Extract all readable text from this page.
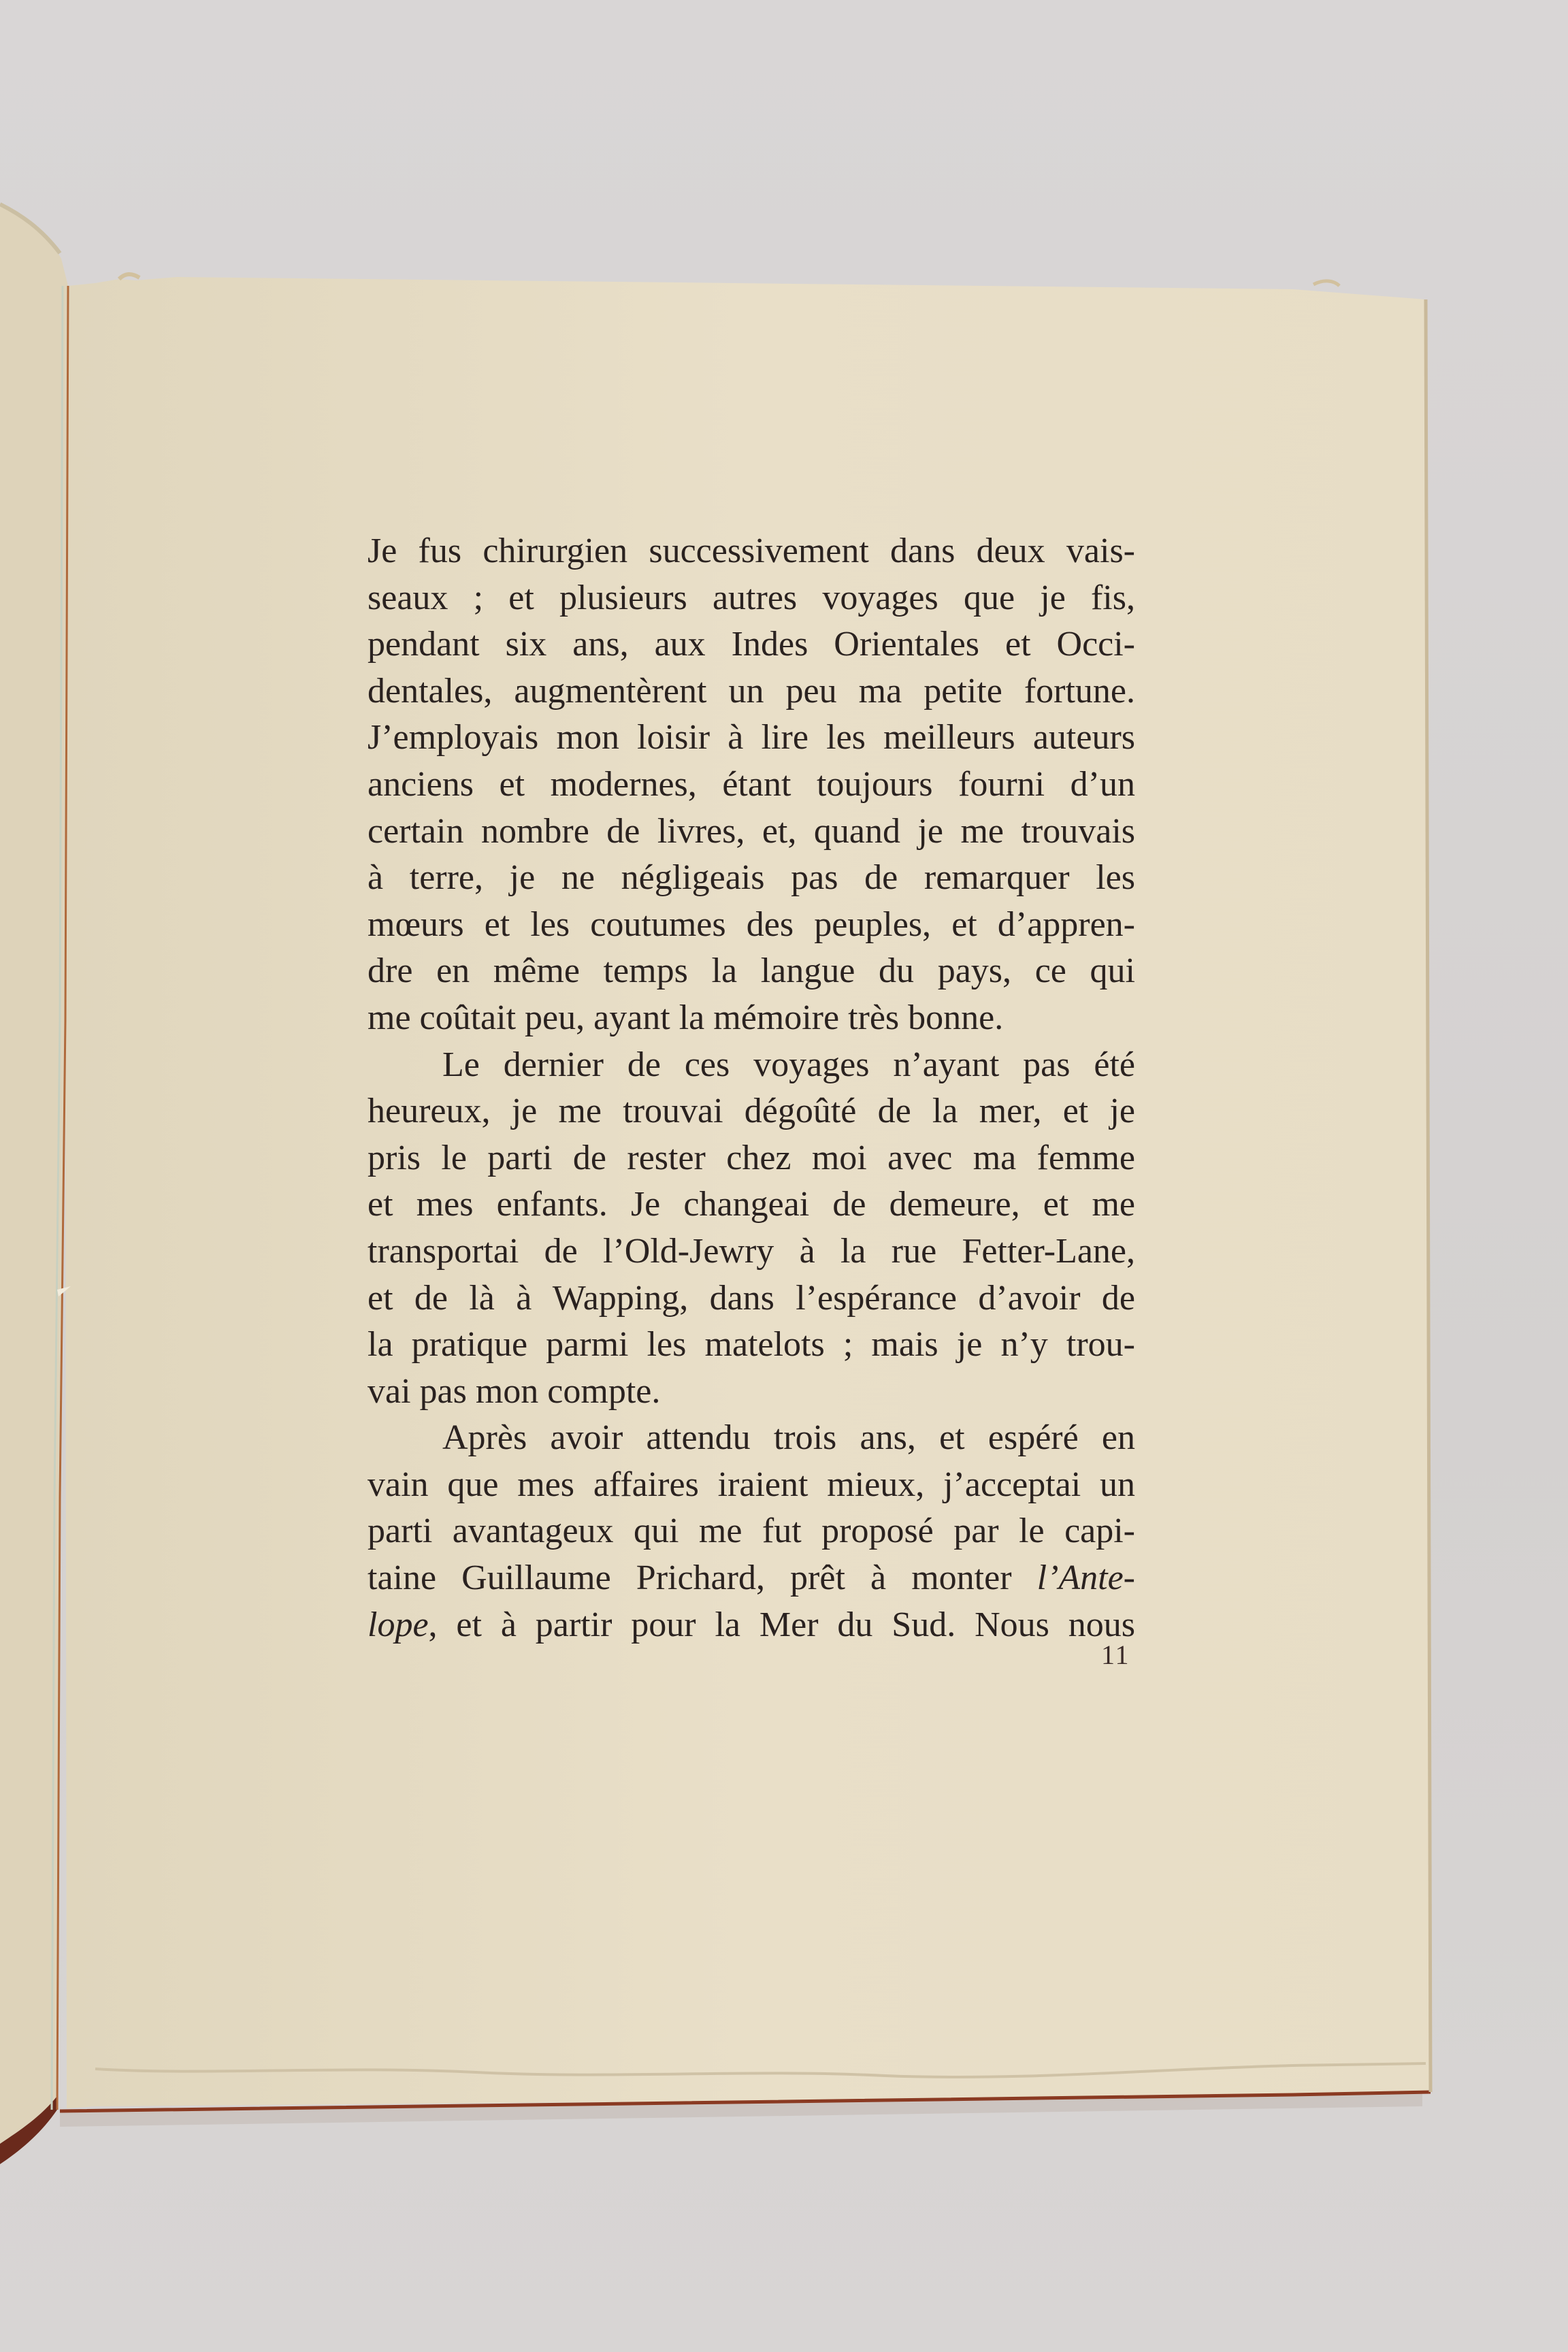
Je fus chirurgien successivement dans deux vais-
seaux ; et plusieurs autres voyages que je fis,
pendant six ans, aux Indes Orientales et Occi-
dentales, augmentèrent un peu ma petite fortune.
J’employais mon loisir à lire les meilleurs auteurs
anciens et modernes, étant toujours fourni d’un
certain nombre de livres, et, quand je me trouvais
à terre, je ne négligeais pas de remarquer les
mœurs et les coutumes des peuples, et d’appren-
dre en même temps la langue du pays, ce qui
me coûtait peu, ayant la mémoire très bonne.
Le dernier de ces voyages n’ayant pas été
heureux, je me trouvai dégoûté de la mer, et je
pris le parti de rester chez moi avec ma femme
et mes enfants. Je changeai de demeure, et me
transportai de l’Old-Jewry à la rue Fetter-Lane,
et de là à Wapping, dans l’espérance d’avoir de
la pratique parmi les matelots ; mais je n’y trou-
vai pas mon compte.
Après avoir attendu trois ans, et espéré en
vain que mes affaires iraient mieux, j’acceptai un
parti avantageux qui me fut proposé par le capi-
taine Guillaume Prichard, prêt à monter l’Ante-
lope, et à partir pour la Mer du Sud. Nous nous
11
